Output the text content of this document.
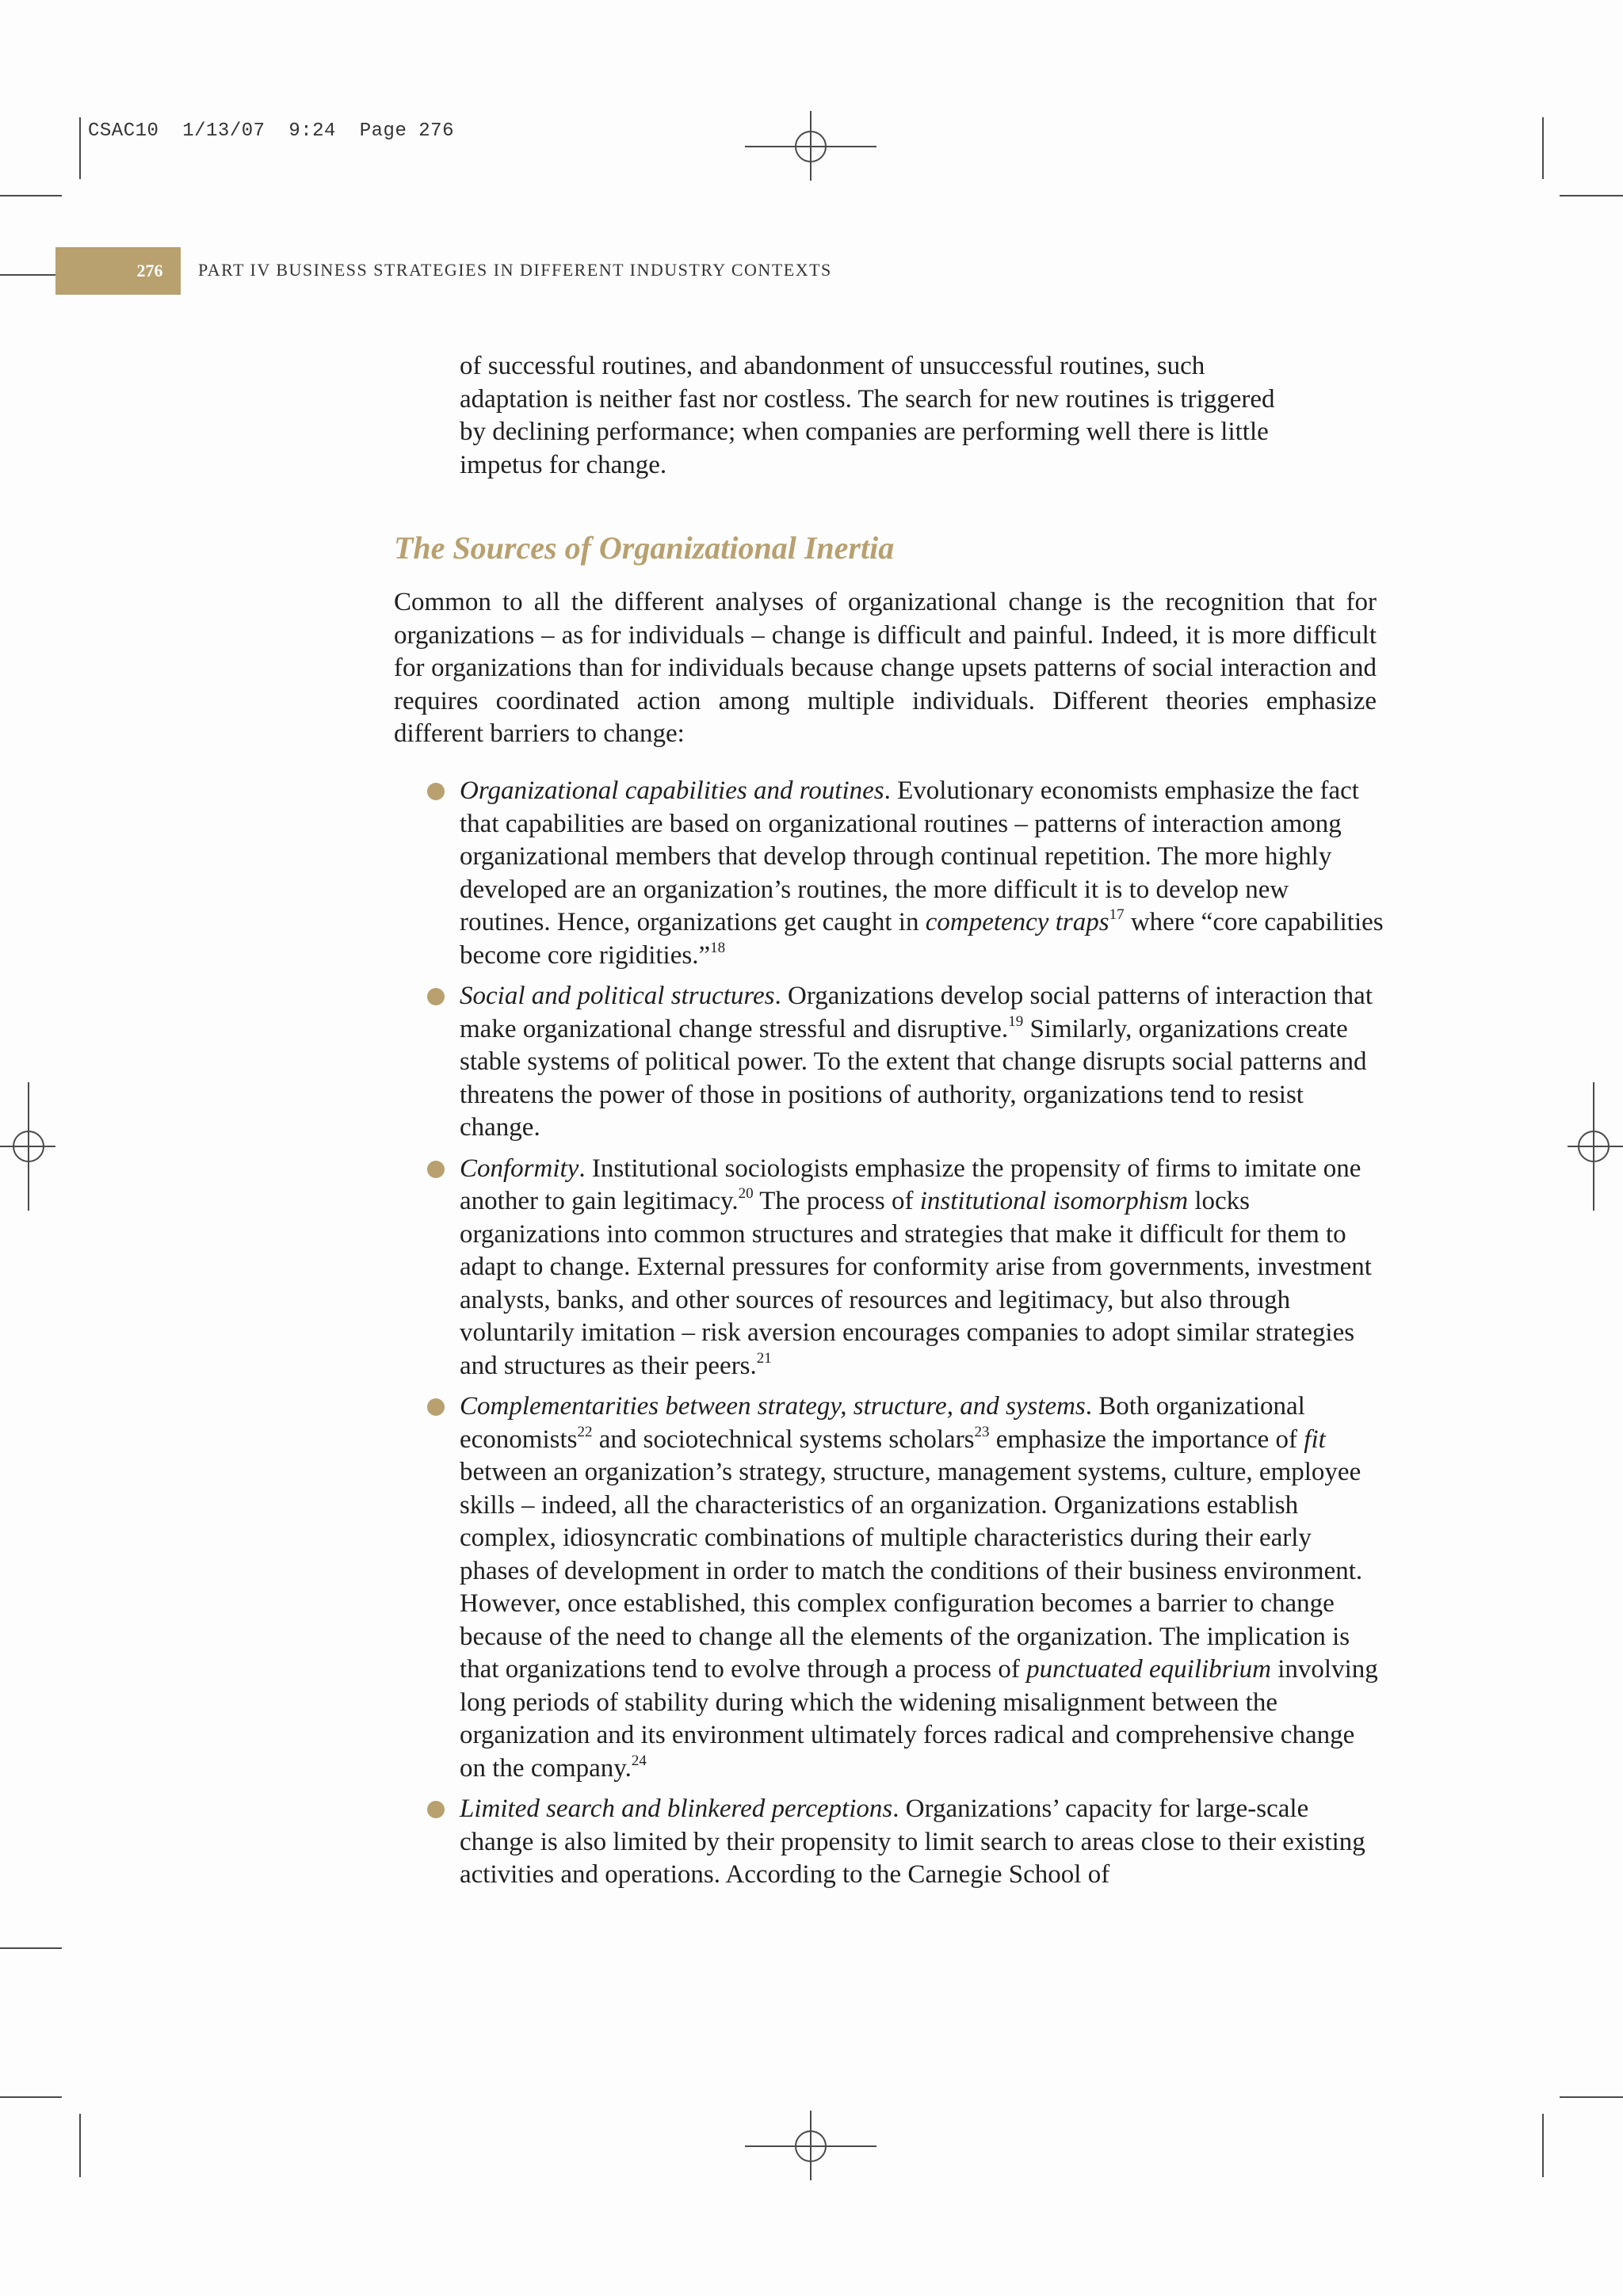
CSAC10  1/13/07  9:24  Page 276
276	PART IV BUSINESS STRATEGIES IN DIFFERENT INDUSTRY CONTEXTS
of successful routines, and abandonment of unsuccessful routines, such
adaptation is neither fast nor costless. The search for new routines is triggered
by declining performance; when companies are performing well there is little
impetus for change.
The Sources of Organizational Inertia

Common to all the different analyses of organizational change is the recognition that for organizations – as for individuals – change is difficult and painful. Indeed, it is more difficult for organizations than for individuals because change upsets patterns of social interaction and requires coordinated action among multiple individuals. Different theories emphasize different barriers to change:

Organizational capabilities and routines. Evolutionary economists emphasize the fact that capabilities are based on organizational routines – patterns of interaction among organizational members that develop through continual repetition. The more highly developed are an organization’s routines, the more difficult it is to develop new routines. Hence, organizations get caught in competency traps$^{17}$ where “core capabilities become core rigidities.”$^{18}$
Social and political structures. Organizations develop social patterns of interaction that make organizational change stressful and disruptive.$^{19}$ Similarly, organizations create stable systems of political power. To the extent that change disrupts social patterns and threatens the power of those in positions of authority, organizations tend to resist change.
Conformity. Institutional sociologists emphasize the propensity of firms to imitate one another to gain legitimacy.$^{20}$ The process of institutional isomorphism locks organizations into common structures and strategies that make it difficult for them to adapt to change. External pressures for conformity arise from governments, investment analysts, banks, and other sources of resources and legitimacy, but also through voluntarily imitation – risk aversion encourages companies to adopt similar strategies and structures as their peers.$^{21}$
Complementarities between strategy, structure, and systems. Both organizational economists$^{22}$ and sociotechnical systems scholars$^{23}$ emphasize the importance of fit between an organization’s strategy, structure, management systems, culture, employee skills – indeed, all the characteristics of an organization. Organizations establish complex, idiosyncratic combinations of multiple characteristics during their early phases of development in order to match the conditions of their business environment. However, once established, this complex configuration becomes a barrier to change because of the need to change all the elements of the organization. The implication is that organizations tend to evolve through a process of punctuated equilibrium involving long periods of stability during which the widening misalignment between the organization and its environment ultimately forces radical and comprehensive change on the company.$^{24}$
Limited search and blinkered perceptions. Organizations’ capacity for large-scale change is also limited by their propensity to limit search to areas close to their existing activities and operations. According to the Carnegie School of
